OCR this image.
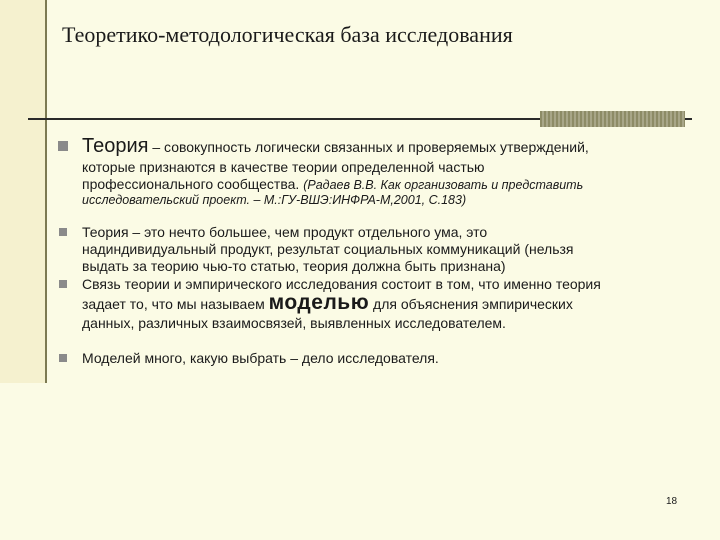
Теоретико-методологическая база исследования
Теория – совокупность логически связанных и проверяемых утверждений,
которые признаются в качестве теории определенной частью
профессионального сообщества. (Радаев В.В. Как организовать и представить
исследовательский проект. – М.:ГУ-ВШЭ:ИНФРА-М,2001, С.183)
Теория – это нечто большее, чем продукт отдельного ума, это
надиндивидуальный продукт, результат социальных коммуникаций (нельзя
выдать за теорию чью-то статью, теория должна быть признана)
Связь теории и эмпирического исследования состоит в том, что именно теория
задает то, что мы называем моделью для объяснения эмпирических
данных, различных взаимосвязей, выявленных исследователем.
Моделей много, какую выбрать – дело исследователя.
18
